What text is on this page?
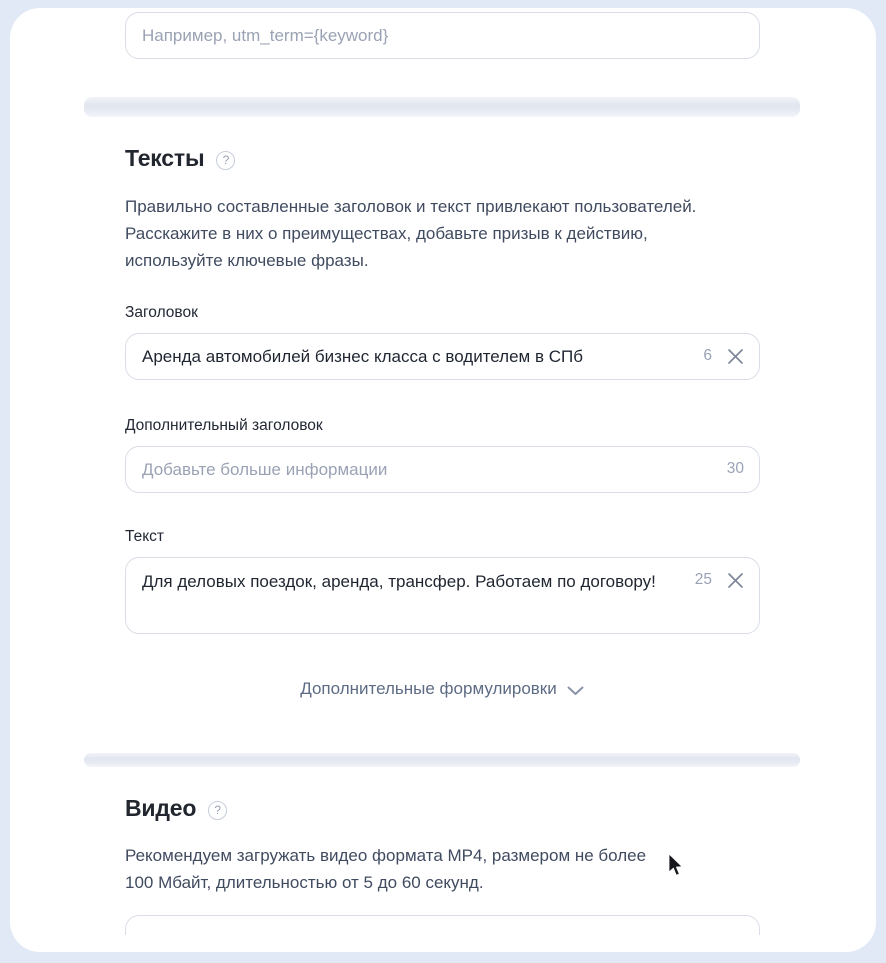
Например, utm_term={keyword}
Тексты	?
Правильно составленные заголовок и текст привлекают пользователей.
Расскажите в них о преимуществах, добавьте призыв к действию,
используйте ключевые фразы.
Заголовок
Аренда автомобилей бизнес класса с водителем в СПб
6
Дополнительный заголовок
Добавьте больше информации
30
Текст
Для деловых поездок, аренда, трансфер. Работаем по договору!
25
Дополнительные формулировки
Видео	?
Рекомендуем загружать видео формата MP4, размером не более
100 Мбайт, длительностью от 5 до 60 секунд.
